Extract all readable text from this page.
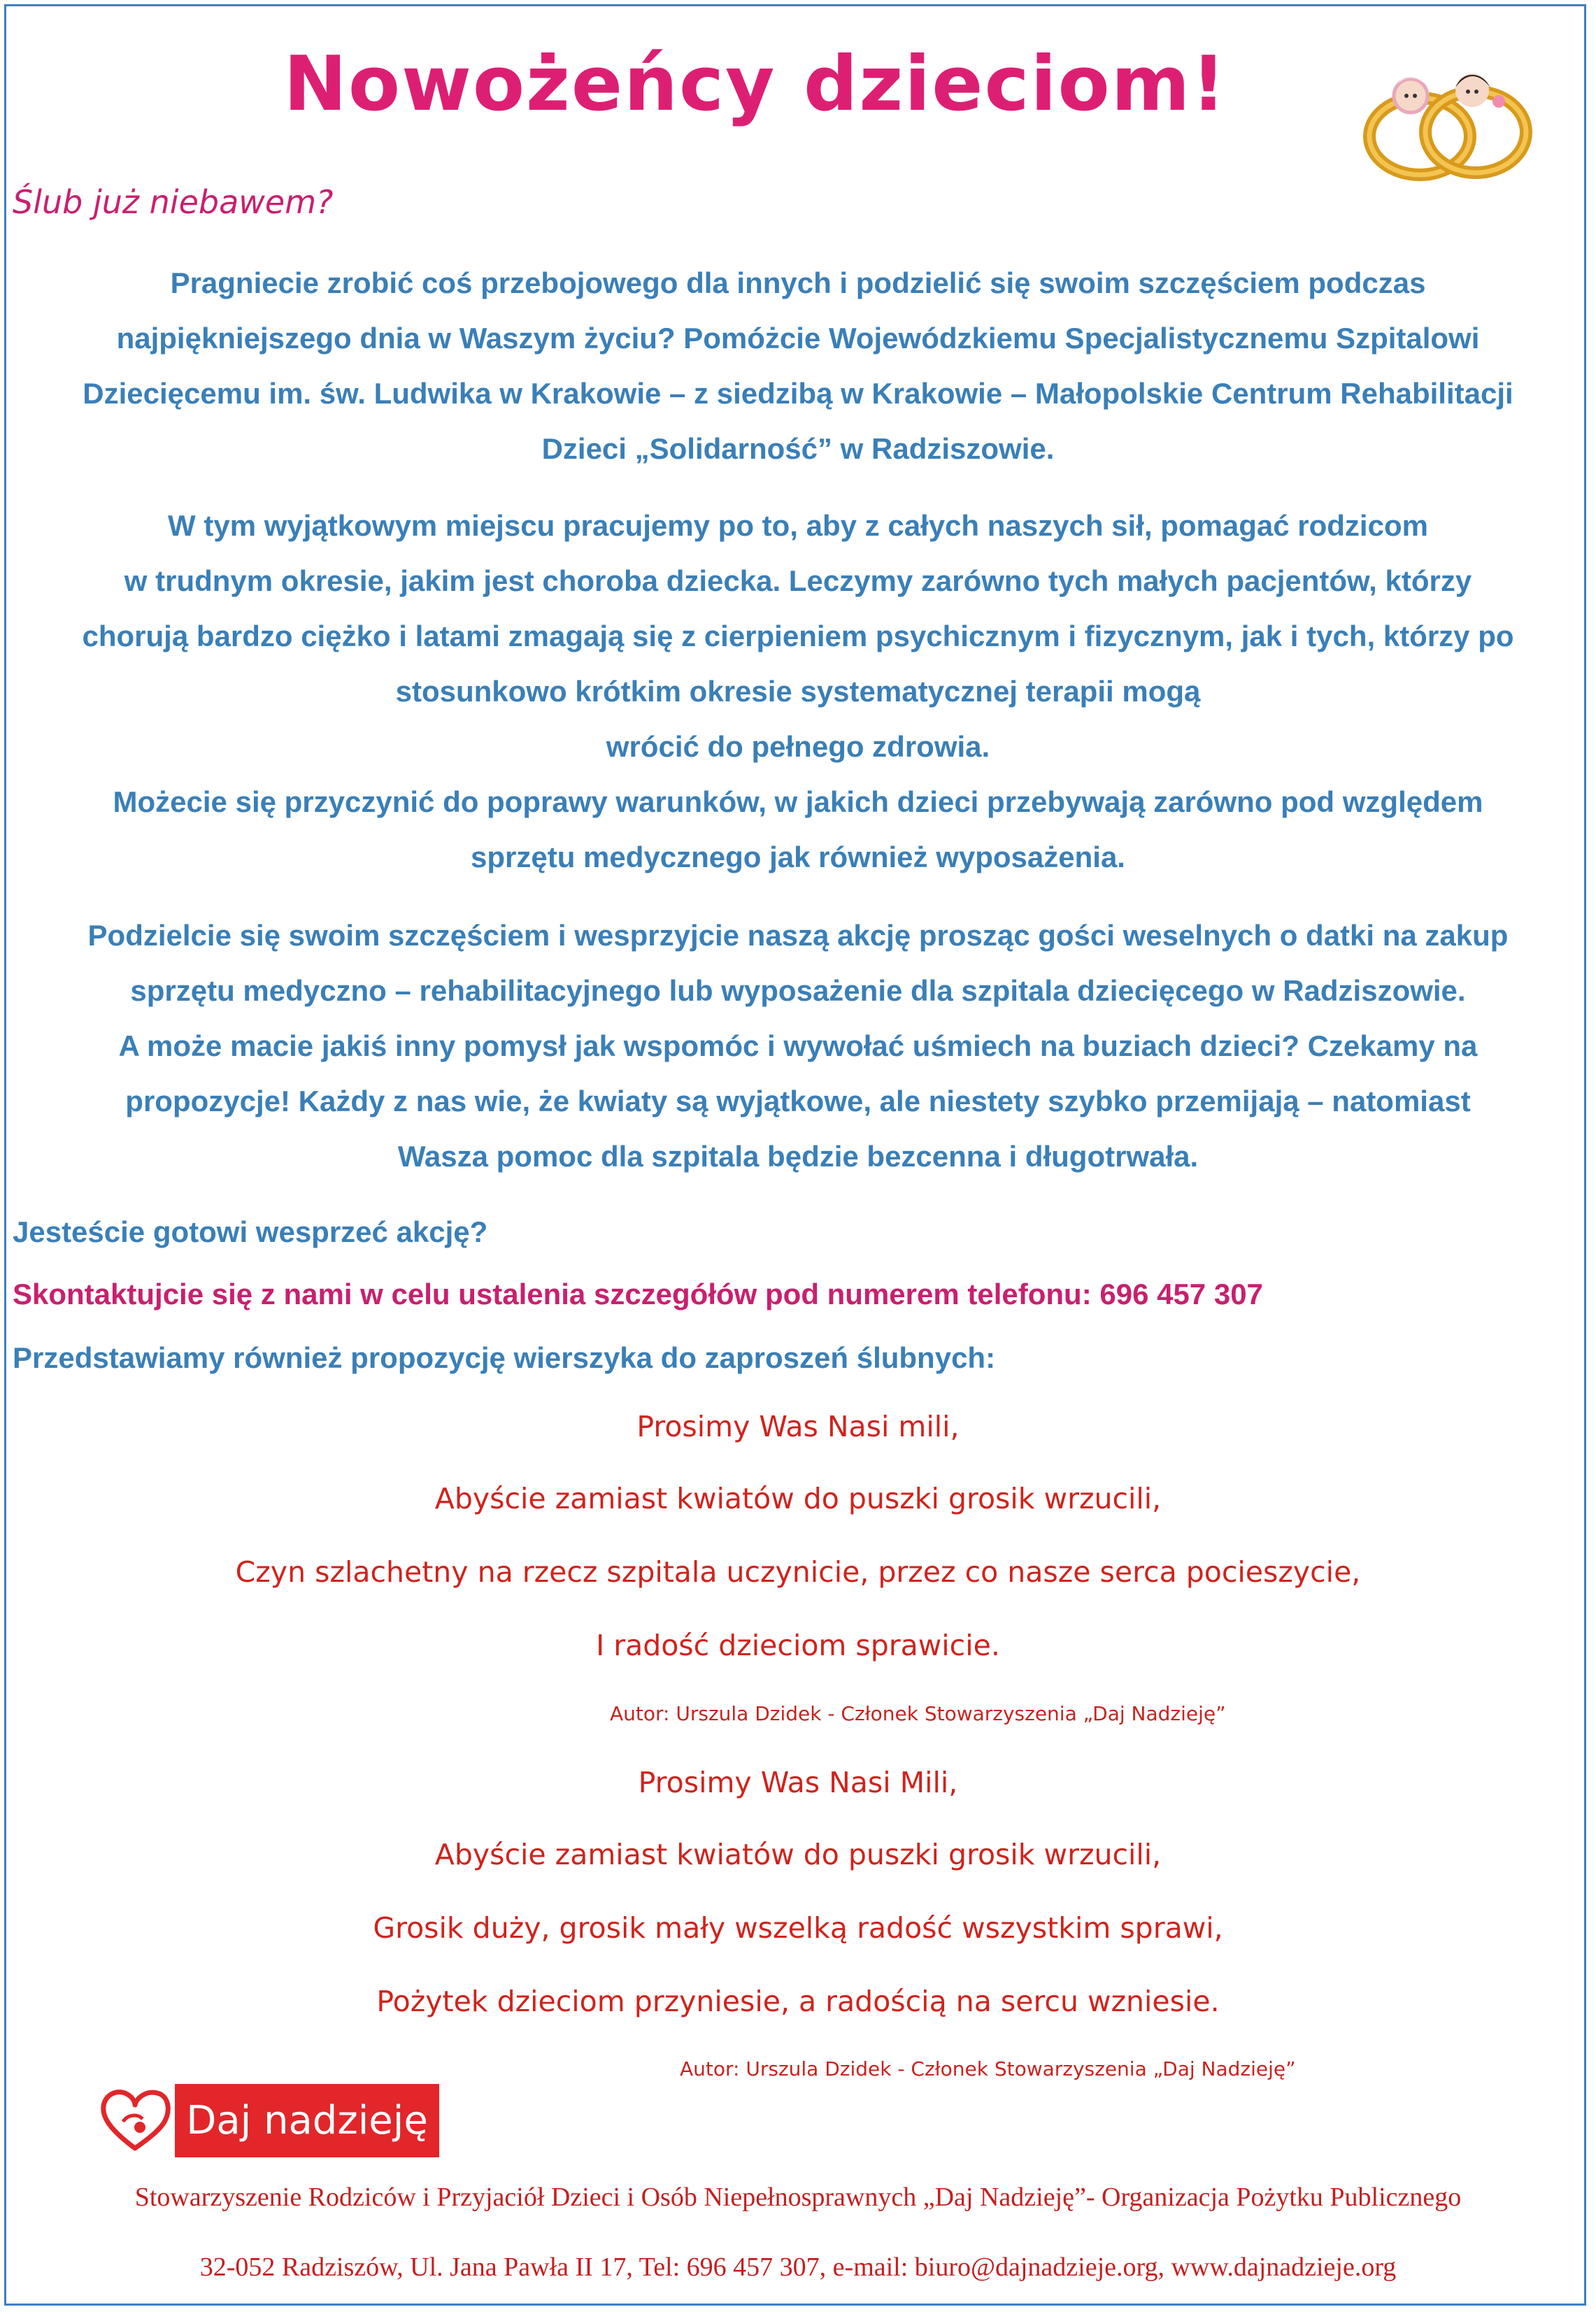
Nowożeńcy dzieciom!
Ślub już niebawem?
Pragniecie zrobić coś przebojowego dla innych i podzielić się swoim szczęściem podczas
najpiękniejszego dnia w Waszym życiu? Pomóżcie Wojewódzkiemu Specjalistycznemu Szpitalowi
Dziecięcemu im. św. Ludwika w Krakowie – z siedzibą w Krakowie – Małopolskie Centrum Rehabilitacji
Dzieci „Solidarność” w Radziszowie.
W tym wyjątkowym miejscu pracujemy po to, aby z całych naszych sił, pomagać rodzicom
w trudnym okresie, jakim jest choroba dziecka. Leczymy zarówno tych małych pacjentów, którzy
chorują bardzo ciężko i latami zmagają się z cierpieniem psychicznym i fizycznym, jak i tych, którzy po
stosunkowo krótkim okresie systematycznej terapii mogą
wrócić do pełnego zdrowia.
Możecie się przyczynić do poprawy warunków, w jakich dzieci przebywają zarówno pod względem
sprzętu medycznego jak również wyposażenia.
Podzielcie się swoim szczęściem i wesprzyjcie naszą akcję prosząc gości weselnych o datki na zakup
sprzętu medyczno – rehabilitacyjnego lub wyposażenie dla szpitala dziecięcego w Radziszowie.
A może macie jakiś inny pomysł jak wspomóc i wywołać uśmiech na buziach dzieci? Czekamy na
propozycje! Każdy z nas wie, że kwiaty są wyjątkowe, ale niestety szybko przemijają – natomiast
Wasza pomoc dla szpitala będzie bezcenna i długotrwała.
Jesteście gotowi wesprzeć akcję?
Skontaktujcie się z nami w celu ustalenia szczegółów pod numerem telefonu: 696 457 307
Przedstawiamy również propozycję wierszyka do zaproszeń ślubnych:
Prosimy Was Nasi mili,
Abyście zamiast kwiatów do puszki grosik wrzucili,
Czyn szlachetny na rzecz szpitala uczynicie, przez co nasze serca pocieszycie,
I radość dzieciom sprawicie.
Autor: Urszula Dzidek - Członek Stowarzyszenia „Daj Nadzieję”
Prosimy Was Nasi Mili,
Abyście zamiast kwiatów do puszki grosik wrzucili,
Grosik duży, grosik mały wszelką radość wszystkim sprawi,
Pożytek dzieciom przyniesie, a radością na sercu wzniesie.
Autor: Urszula Dzidek - Członek Stowarzyszenia „Daj Nadzieję”
Daj nadzieję
Stowarzyszenie Rodziców i Przyjaciół Dzieci i Osób Niepełnosprawnych „Daj Nadzieję”- Organizacja Pożytku Publicznego
32-052 Radziszów, Ul. Jana Pawła II 17, Tel: 696 457 307, e-mail: biuro@dajnadzieje.org, www.dajnadzieje.org
